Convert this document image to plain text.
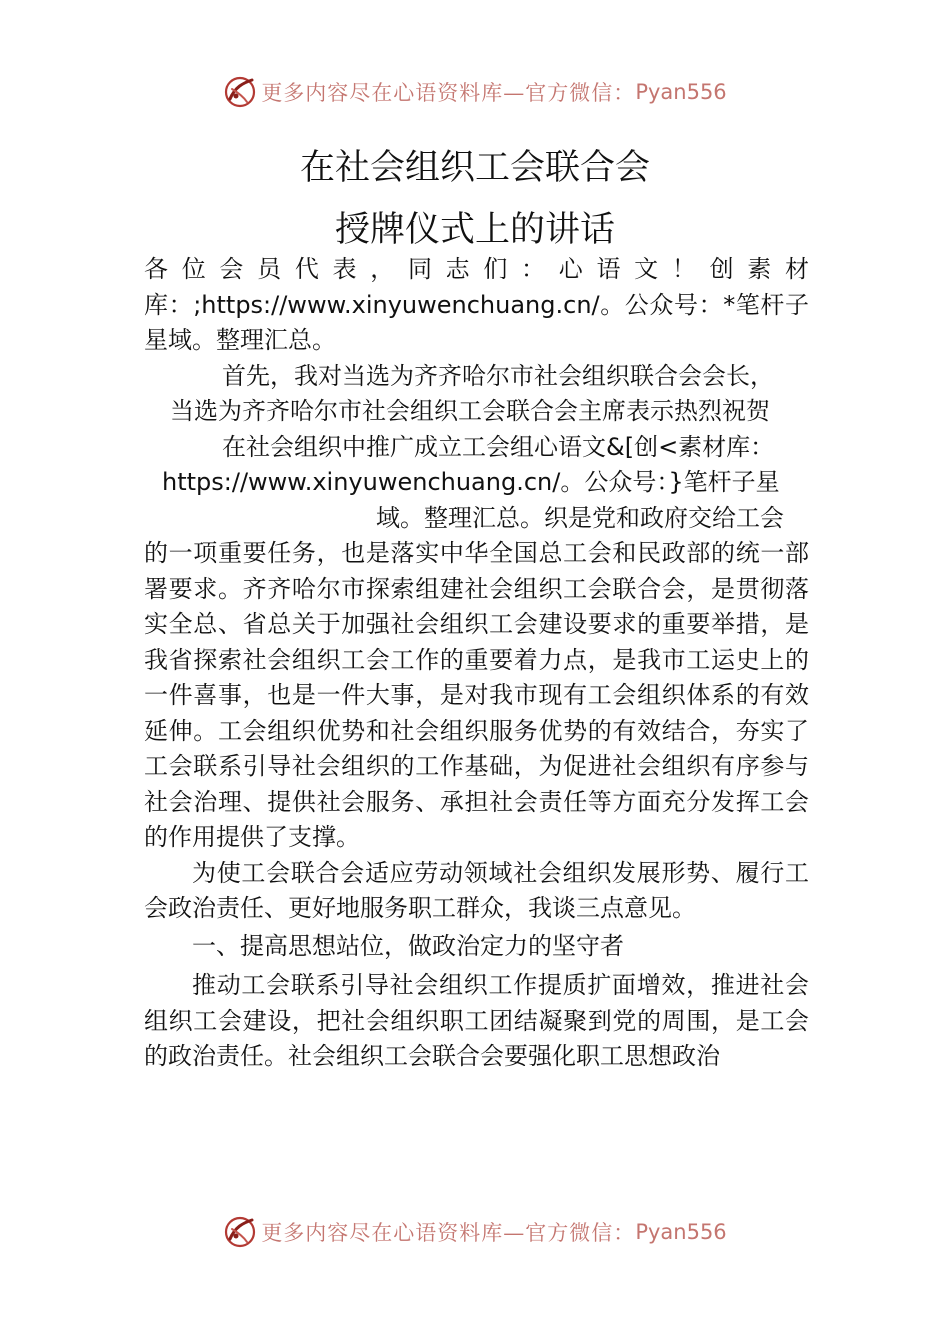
更多内容尽在心语资料库—官方微信： Pyan556
在社会组织工会联合会
授牌仪式上的讲话

各位会员代表，同志们：心语文！创素材库：;https://www.xinyuwenchuang.cn/。公众号：*笔杆子星域。整理汇总。

首先，我对当选为齐齐哈尔市社会组织联合会会长，

当选为齐齐哈尔市社会组织工会联合会主席表示热烈祝贺

在社会组织中推广成立工会组心语文&[创<素材库：

https://www.xinyuwenchuang.cn/。公众号：}笔杆子星

域。整理汇总。织是党和政府交给工会

的一项重要任务，也是落实中华全国总工会和民政部的统一部署要求。齐齐哈尔市探索组建社会组织工会联合会，是贯彻落实全总、省总关于加强社会组织工会建设要求的重要举措，是我省探索社会组织工会工作的重要着力点，是我市工运史上的一件喜事，也是一件大事，是对我市现有工会组织体系的有效延伸。工会组织优势和社会组织服务优势的有效结合，夯实了工会联系引导社会组织的工作基础，为促进社会组织有序参与社会治理、提供社会服务、承担社会责任等方面充分发挥工会的作用提供了支撑。

为使工会联合会适应劳动领域社会组织发展形势、履行工会政治责任、更好地服务职工群众，我谈三点意见。

一、提高思想站位，做政治定力的坚守者

推动工会联系引导社会组织工作提质扩面增效，推进社会组织工会建设，把社会组织职工团结凝聚到党的周围，是工会的政治责任。社会组织工会联合会要强化职工思想政治

更多内容尽在心语资料库—官方微信： Pyan556
